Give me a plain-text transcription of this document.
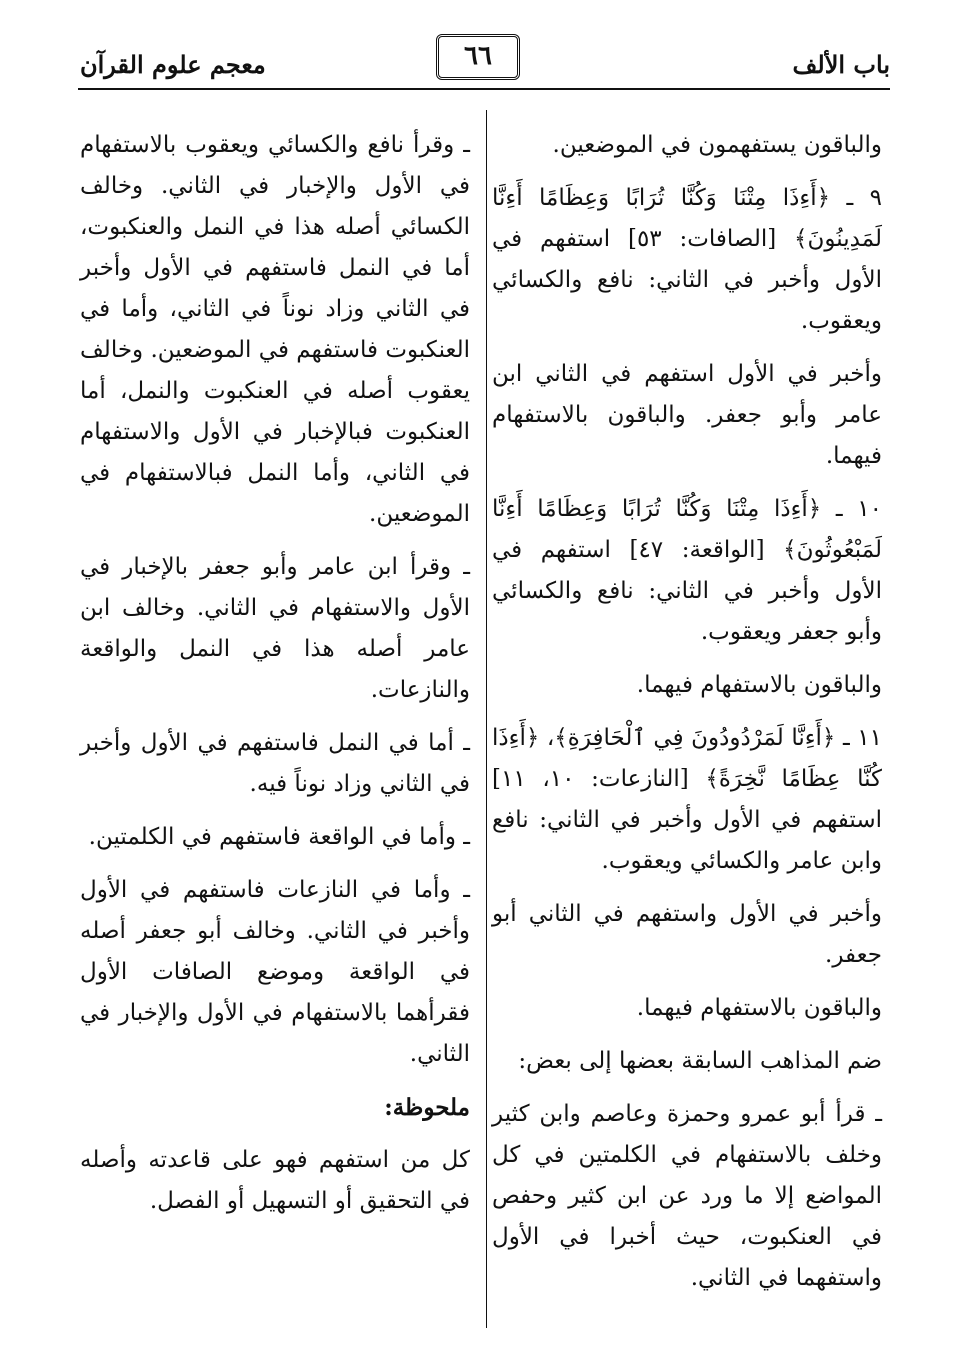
باب الألف
٦٦
معجم علوم القرآن

والباقون يستفهمون في الموضعين.

٩ ـ ﴿أَءِذَا مِتْنَا وَكُنَّا تُرَابًا وَعِظَامًا أَءِنَّا لَمَدِينُونَ﴾ [الصافات: ٥٣] استفهم في الأول وأخبر في الثاني: نافع والكسائي ويعقوب.

وأخبر في الأول استفهم في الثاني ابن عامر وأبو جعفر. والباقون بالاستفهام فيهما.

١٠ ـ ﴿أَءِذَا مِتْنَا وَكُنَّا تُرَابًا وَعِظَامًا أَءِنَّا لَمَبْعُوثُونَ﴾ [الواقعة: ٤٧] استفهم في الأول وأخبر في الثاني: نافع والكسائي وأبو جعفر ويعقوب.

والباقون بالاستفهام فيهما.

١١ ـ ﴿أَءِنَّا لَمَرْدُودُونَ فِي ٱلْحَافِرَةِ﴾، ﴿أَءِذَا كُنَّا عِظَامًا نَّخِرَةً﴾ [النازعات: ١٠، ١١] استفهم في الأول وأخبر في الثاني: نافع وابن عامر والكسائي ويعقوب.

وأخبر في الأول واستفهم في الثاني أبو جعفر.

والباقون بالاستفهام فيهما.

ضم المذاهب السابقة بعضها إلى بعض:

ـ قرأ أبو عمرو وحمزة وعاصم وابن كثير وخلف بالاستفهام في الكلمتين في كل المواضع إلا ما ورد عن ابن كثير وحفص في العنكبوت، حيث أخبرا في الأول واستفهما في الثاني.

ـ وقرأ نافع والكسائي ويعقوب بالاستفهام في الأول والإخبار في الثاني. وخالف الكسائي أصله هذا في النمل والعنكبوت، أما في النمل فاستفهم في الأول وأخبر في الثاني وزاد نوناً في الثاني، وأما في العنكبوت فاستفهم في الموضعين. وخالف يعقوب أصله في العنكبوت والنمل، أما العنكبوت فبالإخبار في الأول والاستفهام في الثاني، وأما النمل فبالاستفهام في الموضعين.

ـ وقرأ ابن عامر وأبو جعفر بالإخبار في الأول والاستفهام في الثاني. وخالف ابن عامر أصله هذا في النمل والواقعة والنازعات.

ـ أما في النمل فاستفهم في الأول وأخبر في الثاني وزاد نوناً فيه.

ـ وأما في الواقعة فاستفهم في الكلمتين.

ـ وأما في النازعات فاستفهم في الأول وأخبر في الثاني. وخالف أبو جعفر أصله في الواقعة وموضع الصافات الأول فقرأهما بالاستفهام في الأول والإخبار في الثاني.

ملحوظة:

كل من استفهم فهو على قاعدته وأصله في التحقيق أو التسهيل أو الفصل.
